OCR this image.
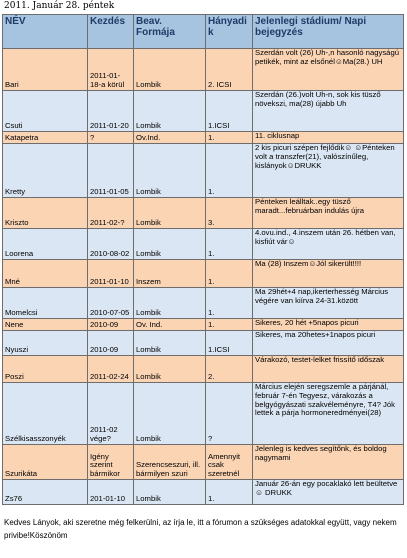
2011. Január 28. péntek
NÉV	Kezdés	Beav. Formája	Hányadik	Jelenlegi stádium/ Napi bejegyzés
Bari	2011-01-18-a körül	Lombik	2. ICSI	Szerdán volt (26) Uh-,n hasonló nagyságú petikék, mint az elsőnél☺Ma(28.) UH
Csuti	2011-01-20	Lombik	1.ICSI	Szerdán (26.)volt Uh-n, sok kis tüsző növekszi, ma(28) újabb Uh
Katapetra	?	Ov.Ind.	1.	11. ciklusnap
Kretty	2011-01-05	Lombik	1.	2 kis picuri szépen fejlődik☺ ☺Pénteken volt a transzfer(21), valószínűleg, kislányok☺DRUKK
Kriszto	2011-02-?	Lombik	3.	Pénteken leálltak..egy tüsző maradt...februárban indulás újra
Loorena	2010-08-02	Lombik	1.	4.ovu.ind., 4.inszem után 26. hétben van, kisfiút vár☺
Mné	2011-01-10	Inszem	1.	Ma (28) Inszem☺Jól sikerült!!!!
Momelcsi	2010-07-05	Lombik	1.	Ma 29hét+4 nap,ikerterhesség Március végére van kiírva 24-31.között
Nene	2010-09	Ov. Ind.	1.	Sikeres, 20 hét +5napos picuri
Nyuszi	2010-09	Lombik	1.ICSI	Sikeres, ma 20hetes+1napos picuri
Poszi	2011-02-24	Lombik	2.	Várakozó, testet-lelket frissítő időszak
Szélkisasszonyék	2011-02 vége?	Lombik	?	Március elején seregszemle a párjánál, február 7-én Tegyesz, várakozás a belgyógyászati szakvéleményre, T4? Jók lettek a párja hormoneredményei(28)
Szurikáta	Igény szerint bármikor	Szerencseszuri, ill. bármilyen szuri	Amennyit csak szeretnél	Jelenleg is kedves segítőnk, és boldog nagymami
Zs76	201-01-10	Lombik	1.	Január 26-án egy pocaklakó lett beültetve☺ DRUKK
Kedves Lányok, aki szeretne még felkerülni, az írja le, itt a fórumon a szükséges adatokkal együtt, vagy nekem privibe!Köszönöm
